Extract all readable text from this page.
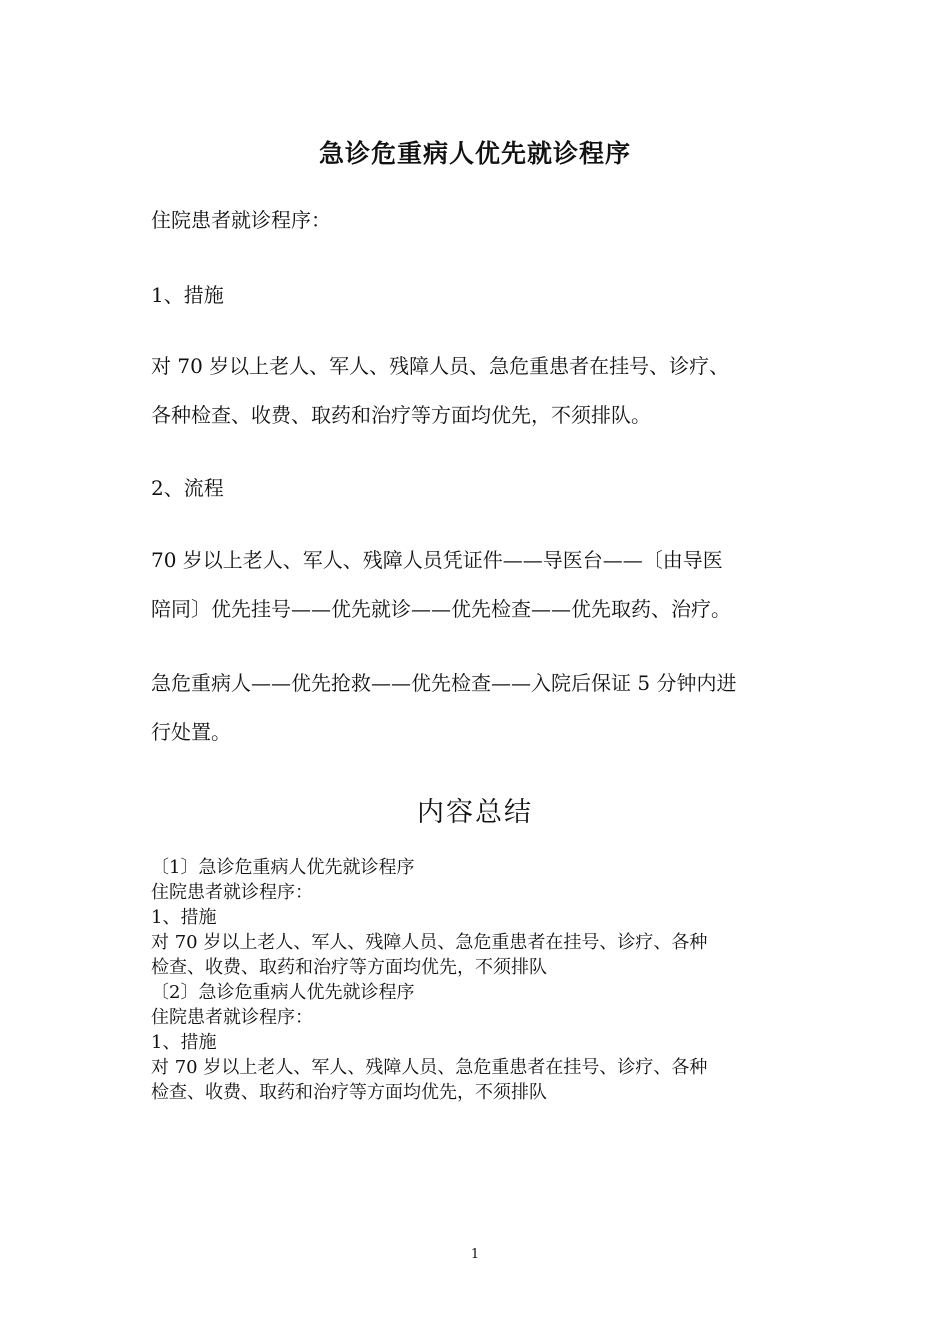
急诊危重病人优先就诊程序
住院患者就诊程序：
1、措施
对 70 岁以上老人、军人、残障人员、急危重患者在挂号、诊疗、
各种检查、收费、取药和治疗等方面均优先，不须排队。
2、流程
70 岁以上老人、军人、残障人员凭证件——导医台——〔由导医
陪同〕优先挂号——优先就诊——优先检查——优先取药、治疗。
急危重病人——优先抢救——优先检查——入院后保证 5 分钟内进
行处置。
内容总结
〔1〕急诊危重病人优先就诊程序
住院患者就诊程序：
1、措施
对 70 岁以上老人、军人、残障人员、急危重患者在挂号、诊疗、各种
检查、收费、取药和治疗等方面均优先，不须排队
〔2〕急诊危重病人优先就诊程序
住院患者就诊程序：
1、措施
对 70 岁以上老人、军人、残障人员、急危重患者在挂号、诊疗、各种
检查、收费、取药和治疗等方面均优先，不须排队
1
